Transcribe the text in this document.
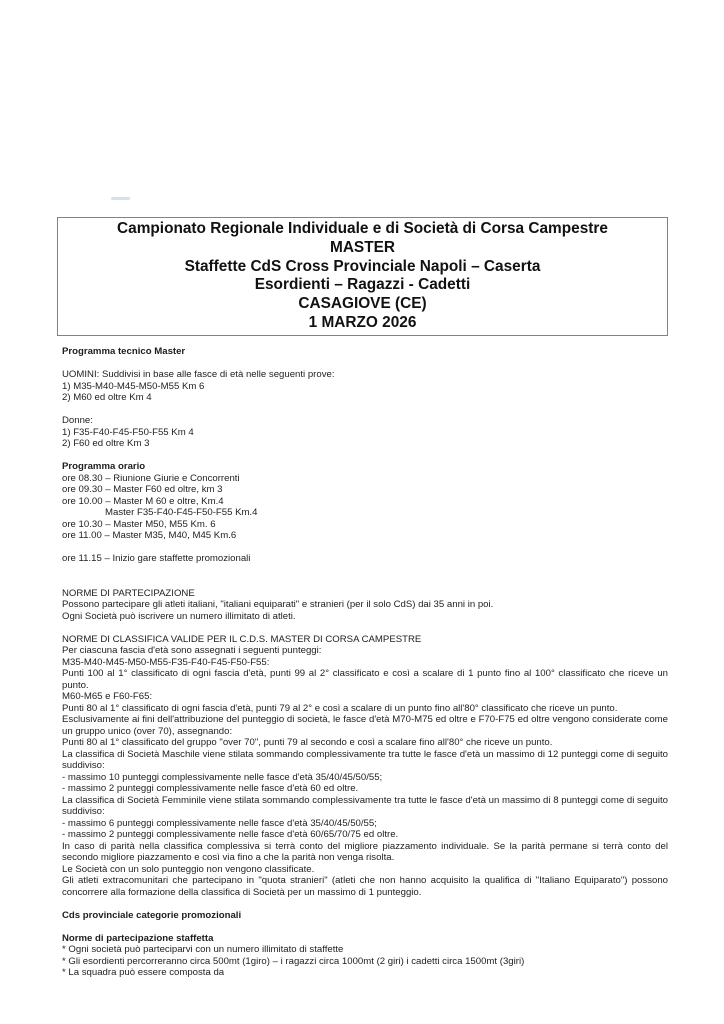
Campionato Regionale Individuale e di Società di Corsa Campestre
MASTER
Staffette CdS Cross Provinciale Napoli – Caserta
Esordienti – Ragazzi - Cadetti
CASAGIOVE (CE)
1 MARZO 2026
Programma tecnico Master

UOMINI: Suddivisi in base alle fasce di età nelle seguenti prove:
1) M35-M40-M45-M50-M55 Km 6
2) M60 ed oltre Km 4

Donne:
1) F35-F40-F45-F50-F55 Km 4
2) F60 ed oltre Km 3

Programma orario
ore 08.30 – Riunione Giurie e Concorrenti
ore 09.30 – Master F60 ed oltre, km 3
ore 10.00 – Master M 60 e oltre, Km.4
Master F35-F40-F45-F50-F55 Km.4
ore 10.30 – Master M50, M55 Km. 6
ore 11.00 – Master M35, M40, M45 Km.6

ore 11.15 – Inizio gare staffette promozionali

NORME DI PARTECIPAZIONE
Possono partecipare gli atleti italiani, "italiani equiparati" e stranieri (per il solo CdS) dai 35 anni in poi.
Ogni Società può iscrivere un numero illimitato di atleti.

NORME DI CLASSIFICA VALIDE PER IL C.D.S. MASTER DI CORSA CAMPESTRE
Per ciascuna fascia d'età sono assegnati i seguenti punteggi:
M35-M40-M45-M50-M55-F35-F40-F45-F50-F55:
Punti 100 al 1° classificato di ogni fascia d'età, punti 99 al 2° classificato e così a scalare di 1 punto fino al 100° classificato che riceve un punto.
M60-M65 e F60-F65:
Punti 80 al 1° classificato di ogni fascia d'età, punti 79 al 2° e così a scalare di un punto fino all'80° classificato che riceve un punto.
Esclusivamente ai fini dell'attribuzione del punteggio di società, le fasce d'età M70-M75 ed oltre e F70-F75 ed oltre vengono considerate come un gruppo unico (over 70), assegnando:
Punti 80 al 1° classificato del gruppo "over 70", punti 79 al secondo e così a scalare fino all'80° che riceve un punto.
La classifica di Società Maschile viene stilata sommando complessivamente tra tutte le fasce d'età un massimo di 12 punteggi come di seguito suddiviso:
- massimo 10 punteggi complessivamente nelle fasce d'età 35/40/45/50/55;
- massimo 2 punteggi complessivamente nelle fasce d'età 60 ed oltre.
La classifica di Società Femminile viene stilata sommando complessivamente tra tutte le fasce d'età un massimo di 8 punteggi come di seguito suddiviso:
- massimo 6 punteggi complessivamente nelle fasce d'età 35/40/45/50/55;
- massimo 2 punteggi complessivamente nelle fasce d'età 60/65/70/75 ed oltre.
In caso di parità nella classifica complessiva si terrà conto del migliore piazzamento individuale. Se la parità permane si terrà conto del secondo migliore piazzamento e così via fino a che la parità non venga risolta.
Le Società con un solo punteggio non vengono classificate.
Gli atleti extracomunitari che partecipano in "quota stranieri" (atleti che non hanno acquisito la qualifica di "Italiano Equiparato") possono concorrere alla formazione della classifica di Società per un massimo di 1 punteggio.

Cds provinciale categorie promozionali

Norme di partecipazione staffetta
* Ogni società può parteciparvi con un numero illimitato di staffette
* Gli esordienti percorreranno circa 500mt (1giro) – i ragazzi circa 1000mt (2 giri) i cadetti circa 1500mt (3giri)
* La squadra può essere composta da
